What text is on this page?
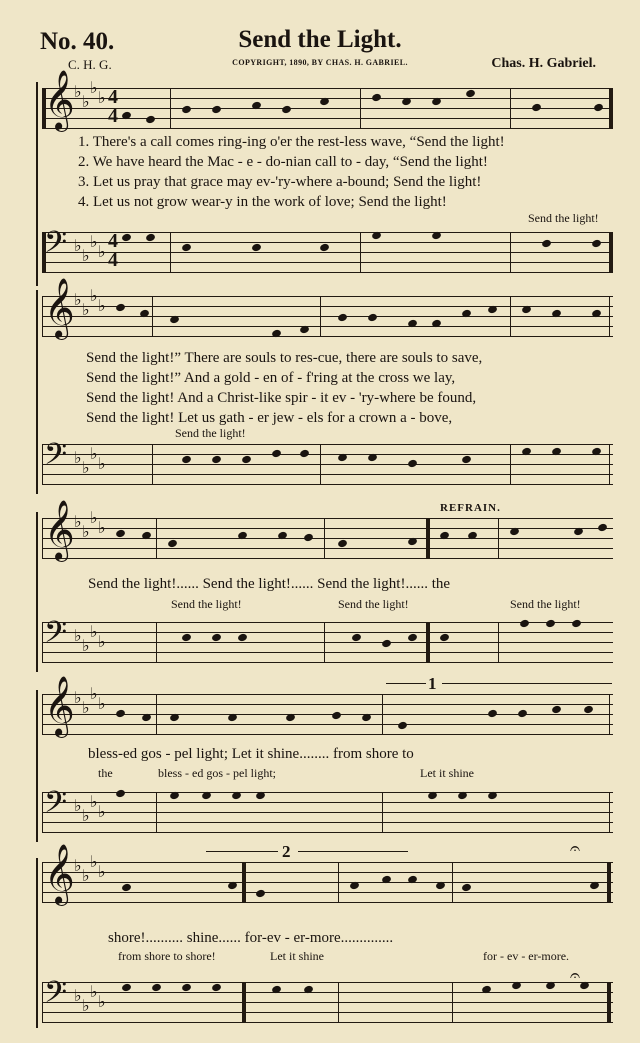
No. 40.	Send the Light.
C. H. G.	COPYRIGHT, 1890, BY CHAS. H. GABRIEL.	Chas. H. Gabriel.
𝄞 ♭
♭
♭
♭ 4
4
1. There's a call comes ring-ing o'er the rest-less wave, “Send the light!
2. We have heard the Mac - e - do-nian call to - day, “Send the light!
3. Let us pray that grace may ev-'ry-where a-bound; Send the light!
4. Let us not grow wear-y in the work of love; Send the light!
Send the light!
𝄢 ♭
♭
♭
♭ 4
4
𝄞 ♭
♭
♭
♭
Send the light!” There are souls to res-cue, there are souls to save,
Send the light!” And a gold - en of - f'ring at the cross we lay,
Send the light! And a Christ-like spir - it ev - 'ry-where be found,
Send the light! Let us gath - er jew - els for a crown a - bove,
Send the light!
𝄢 ♭
♭
♭
♭
REFRAIN.
𝄞 ♭
♭
♭
♭
Send the light!...... Send the light!...... Send the light!...... the
Send the light!	Send the light!	Send the light!
𝄢 ♭
♭
♭
♭
1
𝄞 ♭
♭
♭
♭
bless-ed gos - pel light; Let it shine........ from shore to
the	bless - ed gos - pel light;	Let it shine
𝄢 ♭
♭
♭
♭
2
𝄞 ♭
♭
♭
♭
𝄐
shore!.......... shine...... for-ev - er-more..............
from shore to shore!	Let it shine	for - ev - er-more.
𝄢 ♭
♭
♭
♭
𝄐
